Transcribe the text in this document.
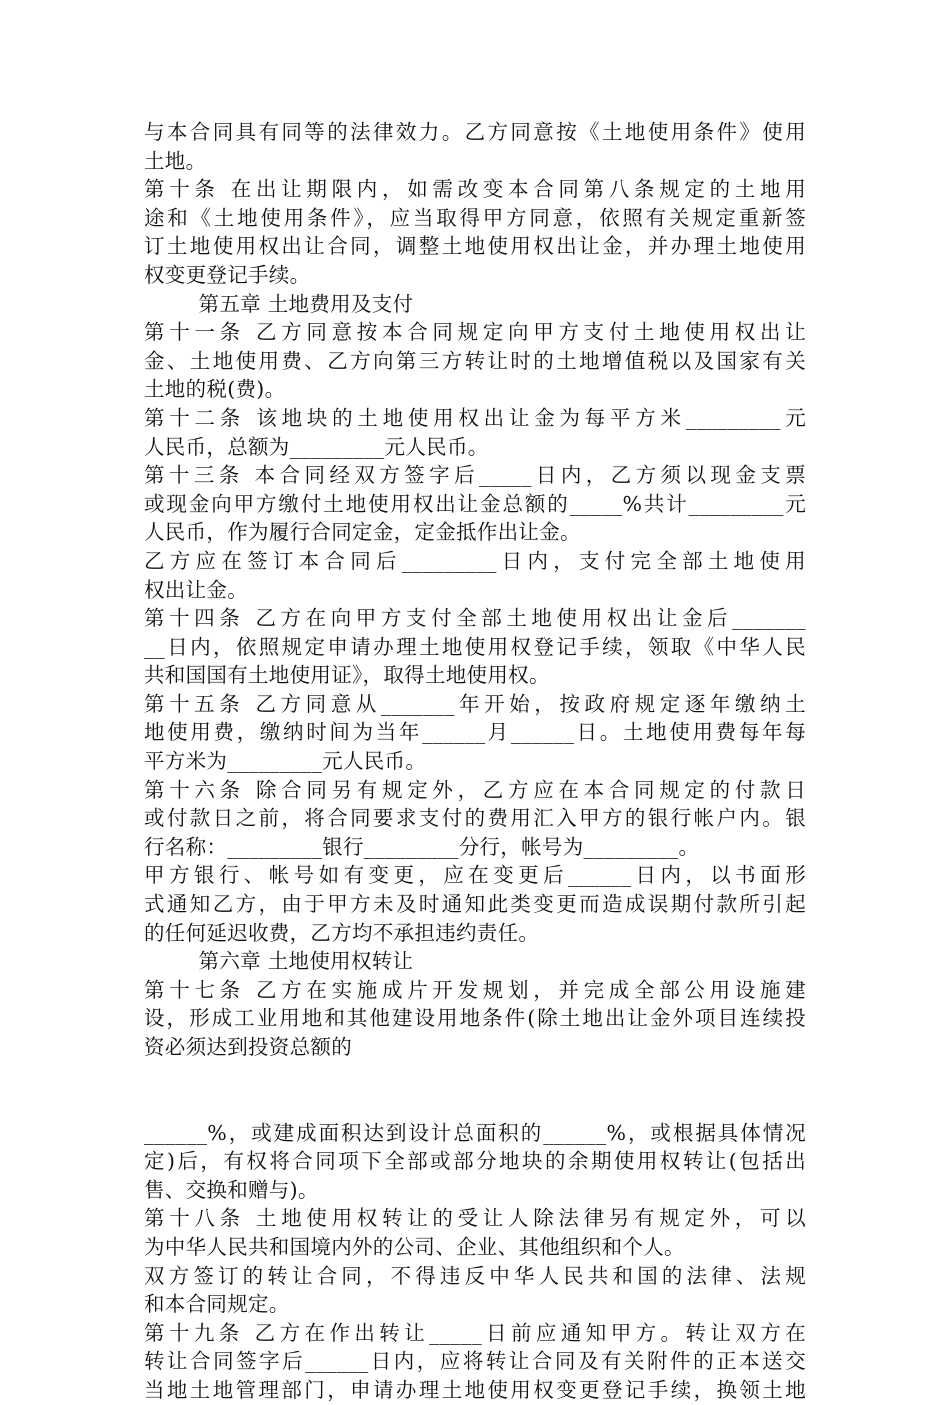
与本合同具有同等的法律效力。乙方同意按《土地使用条件》使用
土地。
第十条 在出让期限内，如需改变本合同第八条规定的土地用
途和《土地使用条件》，应当取得甲方同意，依照有关规定重新签
订土地使用权出让合同，调整土地使用权出让金，并办理土地使用
权变更登记手续。
第五章 土地费用及支付
第十一条 乙方同意按本合同规定向甲方支付土地使用权出让
金、土地使用费、乙方向第三方转让时的土地增值税以及国家有关
土地的税(费)。
第十二条 该地块的土地使用权出让金为每平方米_________元
人民币，总额为_________元人民币。
第十三条 本合同经双方签字后_____日内，乙方须以现金支票
或现金向甲方缴付土地使用权出让金总额的_____%共计_________元
人民币，作为履行合同定金，定金抵作出让金。
乙方应在签订本合同后_________日内，支付完全部土地使用
权出让金。
第十四条 乙方在向甲方支付全部土地使用权出让金后_______
__日内，依照规定申请办理土地使用权登记手续，领取《中华人民
共和国国有土地使用证》，取得土地使用权。
第十五条 乙方同意从_______年开始，按政府规定逐年缴纳土
地使用费，缴纳时间为当年______月______日。土地使用费每年每
平方米为_________元人民币。
第十六条 除合同另有规定外，乙方应在本合同规定的付款日
或付款日之前，将合同要求支付的费用汇入甲方的银行帐户内。银
行名称：_________银行_________分行，帐号为_________。
甲方银行、帐号如有变更，应在变更后______日内，以书面形
式通知乙方，由于甲方未及时通知此类变更而造成误期付款所引起
的任何延迟收费，乙方均不承担违约责任。
第六章 土地使用权转让
第十七条 乙方在实施成片开发规划，并完成全部公用设施建
设，形成工业用地和其他建设用地条件(除土地出让金外项目连续投
资必须达到投资总额的
______%，或建成面积达到设计总面积的______%，或根据具体情况
定)后，有权将合同项下全部或部分地块的余期使用权转让(包括出
售、交换和赠与)。
第十八条 土地使用权转让的受让人除法律另有规定外，可以
为中华人民共和国境内外的公司、企业、其他组织和个人。
双方签订的转让合同，不得违反中华人民共和国的法律、法规
和本合同规定。
第十九条 乙方在作出转让_____日前应通知甲方。转让双方在
转让合同签字后______日内，应将转让合同及有关附件的正本送交
当地土地管理部门，申请办理土地使用权变更登记手续，换领土地
